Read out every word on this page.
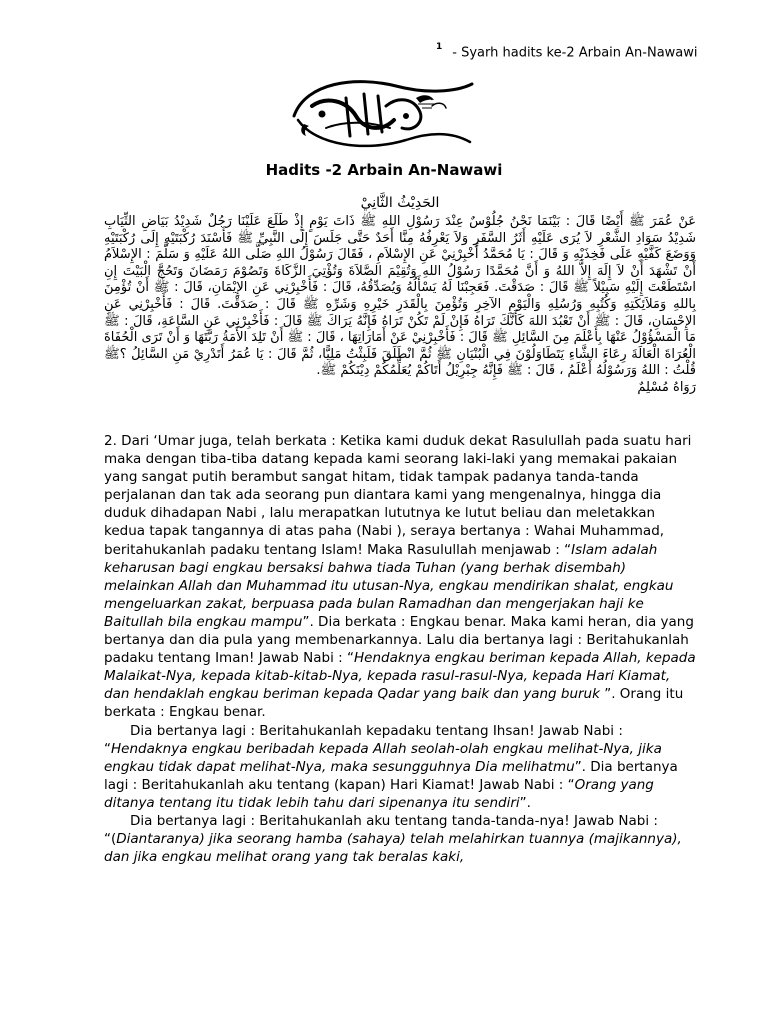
$^1$ - Syarh hadits ke-2 Arbain An-Nawawi
Hadits -2 Arbain An-Nawawi
الحَدِيْثُ الثَّانِيْ
عَنْ عُمَرَ ﷺ أَيْضًا قَالَ : بَيْنَمَا نَحْنُ جُلُوْسٌ عِنْدَ رَسُوْلِ اللهِ ﷺ ذَاتَ يَوْمٍ إِذْ طَلَعَ عَلَيْنَا رَجُلٌ شَدِيْدُ بَيَاضِ الثِّيَابِ شَدِيْدُ سَوَادِ الشَّعْرِ لاَ يُرَى عَلَيْهِ أَثَرُ السَّفَرِ وَلاَ يَعْرِفُهُ مِنَّا أَحَدٌ حَتَّى جَلَسَ إِلَى النَّبِيِّ ﷺ فَأَسْنَدَ رُكْبَتَيْهِ إِلَى رُكْبَتَيْهِ وَوَضَعَ كَفَّيْهِ عَلَى فَخِذَيْهِ وَ قَالَ : يَا مُحَمَّدُ أَخْبِرْنِيْ عَنِ الإِسْلاَمِ ، فَقَالَ رَسُوْلُ اللهِ صَلَّى اللهُ عَلَيْهِ وَ سَلَّمَ : الإِسْلاَمُ أَنْ تَشْهَدَ أَنْ لاَ إِلَهَ إِلاَّ اللهُ وَ أَنَّ مُحَمَّدًا رَسُوْلُ اللهِ وَتُقِيْمَ الصَّلاَةَ وَتُؤْتِيَ الزَّكَاةَ وَتَصُوْمَ رَمَضَانَ وَتَحُجَّ الْبَيْتَ إِنِ اسْتَطَعْتَ إِلَيْهِ سَبِيْلاً ﷺ قَالَ : صَدَقْتَ. فَعَجِبْنَا لَهُ يَسْأَلُهُ وَيُصَدِّقُهُ، قَالَ : فَأَخْبِرْنِي عَنِ الإِيْمَانِ، قَالَ : ﷺ أَنْ تُؤْمِنَ بِاللهِ وَمَلاَئِكَتِهِ وَكُتُبِهِ وَرُسُلِهِ وَالْيَوْمِ الآخِرِ وَتُؤْمِنَ بِالْقَدَرِ خَيْرِهِ وَشَرِّهِ ﷺ قَالَ : صَدَقْتَ. قَالَ : فَأَخْبِرْنِي عَنِ الإِحْسَانِ، قَالَ : ﷺ أَنْ تَعْبُدَ اللهَ كَأَنَّكَ تَرَاهُ فَإِنْ لَمْ تَكُنْ تَرَاهُ فَإِنَّهُ يَرَاكَ ﷺ قَالَ : فَأَخْبِرْنِي عَنِ السَّاعَةِ، قَالَ : ﷺ مَا الْمَسْؤُوْلُ عَنْهَا بِأَعْلَمَ مِنَ السَّائِلِ ﷺ قَالَ : فَأَخْبِرْنِيْ عَنْ أَمَارَاتِهَا ، قَالَ : ﷺ أَنْ تَلِدَ الأَمَةُ رَبَّتَهَا وَ أَنْ تَرَى الْحُفَاةَ الْعُرَاةَ الْعَالَةَ رِعَاءَ الشَّاءِ يَتَطَاوَلُوْنَ فِي الْبُنْيَانِ ﷺ ثُمَّ انْطَلَقَ فَلَبِثْتُ مَلِيًّا، ثُمَّ قَالَ : يَا عُمَرُ أَتَدْرِيْ مَنِ السَّائِلُ ؟ﷺ قُلْتُ : اللهُ وَرَسُوْلُهُ أَعْلَمُ ، قَالَ : ﷺ فَإِنَّهُ جِبْرِيْلُ أَتَاكُمْ يُعَلِّمُكُمْ دِيْنَكُمْ ﷺ.
رَوَاهُ مُسْلِمٌ

2. Dari ‘Umar juga, telah berkata : Ketika kami duduk dekat Rasulullah pada suatu hari maka dengan tiba-tiba datang kepada kami seorang laki-laki yang memakai pakaian yang sangat putih berambut sangat hitam, tidak tampak padanya tanda-tanda perjalanan dan tak ada seorang pun diantara kami yang mengenalnya, hingga dia duduk dihadapan Nabi , lalu merapatkan lututnya ke lutut beliau dan meletakkan kedua tapak tangannya di atas paha (Nabi ), seraya bertanya : Wahai Muhammad, beritahukanlah padaku tentang Islam! Maka Rasulullah menjawab : “Islam adalah keharusan bagi engkau bersaksi bahwa tiada Tuhan (yang berhak disembah) melainkan Allah dan Muhammad itu utusan-Nya, engkau mendirikan shalat, engkau mengeluarkan zakat, berpuasa pada bulan Ramadhan dan mengerjakan haji ke Baitullah bila engkau mampu”. Dia berkata : Engkau benar. Maka kami heran, dia yang bertanya dan dia pula yang membenarkannya. Lalu dia bertanya lagi : Beritahukanlah padaku tentang Iman! Jawab Nabi : “Hendaknya engkau beriman kepada Allah, kepada Malaikat-Nya, kepada kitab-kitab-Nya, kepada rasul-rasul-Nya, kepada Hari Kiamat, dan hendaklah engkau beriman kepada Qadar yang baik dan yang buruk ”. Orang itu berkata : Engkau benar.

Dia bertanya lagi : Beritahukanlah kepadaku tentang Ihsan! Jawab Nabi : “Hendaknya engkau beribadah kepada Allah seolah-olah engkau melihat-Nya, jika engkau tidak dapat melihat-Nya, maka sesungguhnya Dia melihatmu”. Dia bertanya lagi : Beritahukanlah aku tentang (kapan) Hari Kiamat! Jawab Nabi : “Orang yang ditanya tentang itu tidak lebih tahu dari sipenanya itu sendiri”.

Dia bertanya lagi : Beritahukanlah aku tentang tanda-tanda-nya! Jawab Nabi : “(Diantaranya) jika seorang hamba (sahaya) telah melahirkan tuannya (majikannya), dan jika engkau melihat orang yang tak beralas kaki,
